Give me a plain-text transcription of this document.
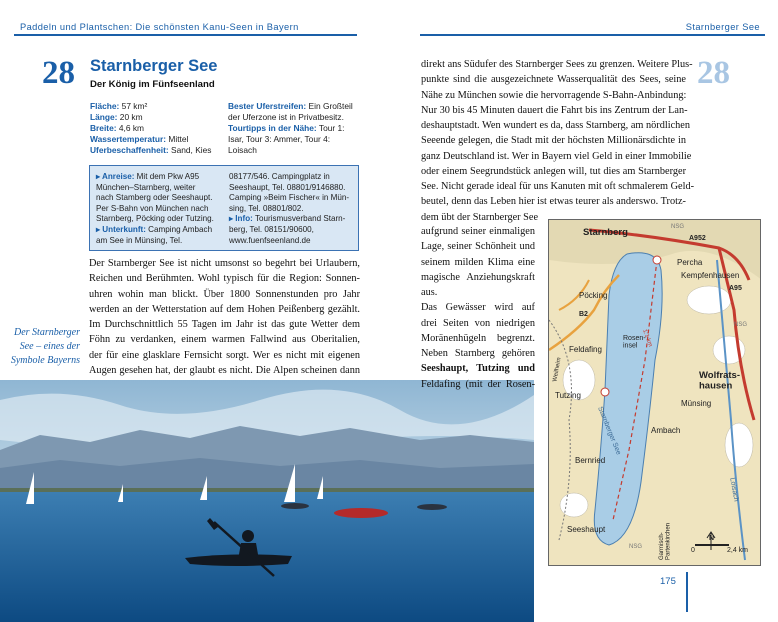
Paddeln und Plantschen: Die schönsten Kanu-Seen in Bayern	Starnberger See
28 Starnberger See
Der König im Fünfseenland
Fläche: 57 km²
Länge: 20 km
Breite: 4,6 km
Wassertemperatur: Mittel
Uferbeschaffenheit: Sand, Kies
Bester Uferstreifen: Ein Großteil
der Uferzone ist in Privatbesitz.
Tourtipps in der Nähe: Tour 1:
Isar, Tour 3: Ammer, Tour 4:
Loisach
▸ Anreise: Mit dem Pkw A95
München–Starnberg, weiter
nach Stamberg oder Seeshaupt.
Per S-Bahn von München nach
Starnberg, Pöcking oder Tutzing.
▸ Unterkunft: Camping Ambach
am See in Münsing, Tel.
08177/546. Campingplatz in
Seeshaupt, Tel. 08801/9146880.
Camping »Beim Fischer« in Mün-
sing, Tel. 08801/802.
▸ Info: Tourismusverband Starn-
berg, Tel. 08151/90600,
www.fuenfseenland.de
Der Starnberger See ist nicht umsonst so begehrt bei Urlaubern,
Reichen und Berühmten. Wohl typisch für die Region: Sonnen-
uhren wohin man blickt. Über 1800 Sonnenstunden pro Jahr
werden an der Wetterstation auf dem Hohen Peißenberg gezählt.
Im Durchschnittlich 55 Tagen im Jahr ist das gute Wetter dem
Föhn zu verdanken, einem warmen Fallwind aus Oberitalien,
der für eine glasklare Fernsicht sorgt. Wer es nicht mit eigenen
Augen gesehen hat, der glaubt es nicht. Die Alpen scheinen dann
Der Starnberger
See – eines der
Symbole Bayerns
28
direkt ans Südufer des Starnberger Sees zu grenzen. Weitere Plus-
punkte sind die ausgezeichnete Wasserqualität des Sees, seine
Nähe zu München sowie die hervorragende S-Bahn-Anbindung:
Nur 30 bis 45 Minuten dauert die Fahrt bis ins Zentrum der Lan-
deshauptstadt. Wen wundert es da, dass Starnberg, am nördlichen
Seeende gelegen, die Stadt mit der höchsten Millionärsdichte in
ganz Deutschland ist. Wer in Bayern viel Geld in einer Immobilie
oder einem Seegrundstück anlegen will, tut dies am Starnberger
See. Nicht gerade ideal für uns Kanuten mit oft schmalerem Geld-
beutel, denn das Leben hier ist etwas teurer als anderswo. Trotz-
dem übt der Starnberger See
aufgrund seiner einmaligen
Lage, seiner Schönheit und
seinem milden Klima eine
magische Anziehungskraft
aus.
Das Gewässer wird auf
drei Seiten von niedrigen
Moränenhügeln begrenzt.
Neben Starnberg gehören
Seeshaupt, Tutzing und
Feldafing (mit der Rosen-
Starnberg
Percha
Kempfenhausen
Pöcking
Feldafing
Rosen-insel
Wolfrats-hausen
Tutzing
Münsing
Ambach
Bernried
Seeshaupt
Starnberger See
Loisach
A952
A95
B2
NSG
NSG
NSG
Weilheim
Garmisch-Partenkirchen
1:1 km
0	2,4 km
N
175
